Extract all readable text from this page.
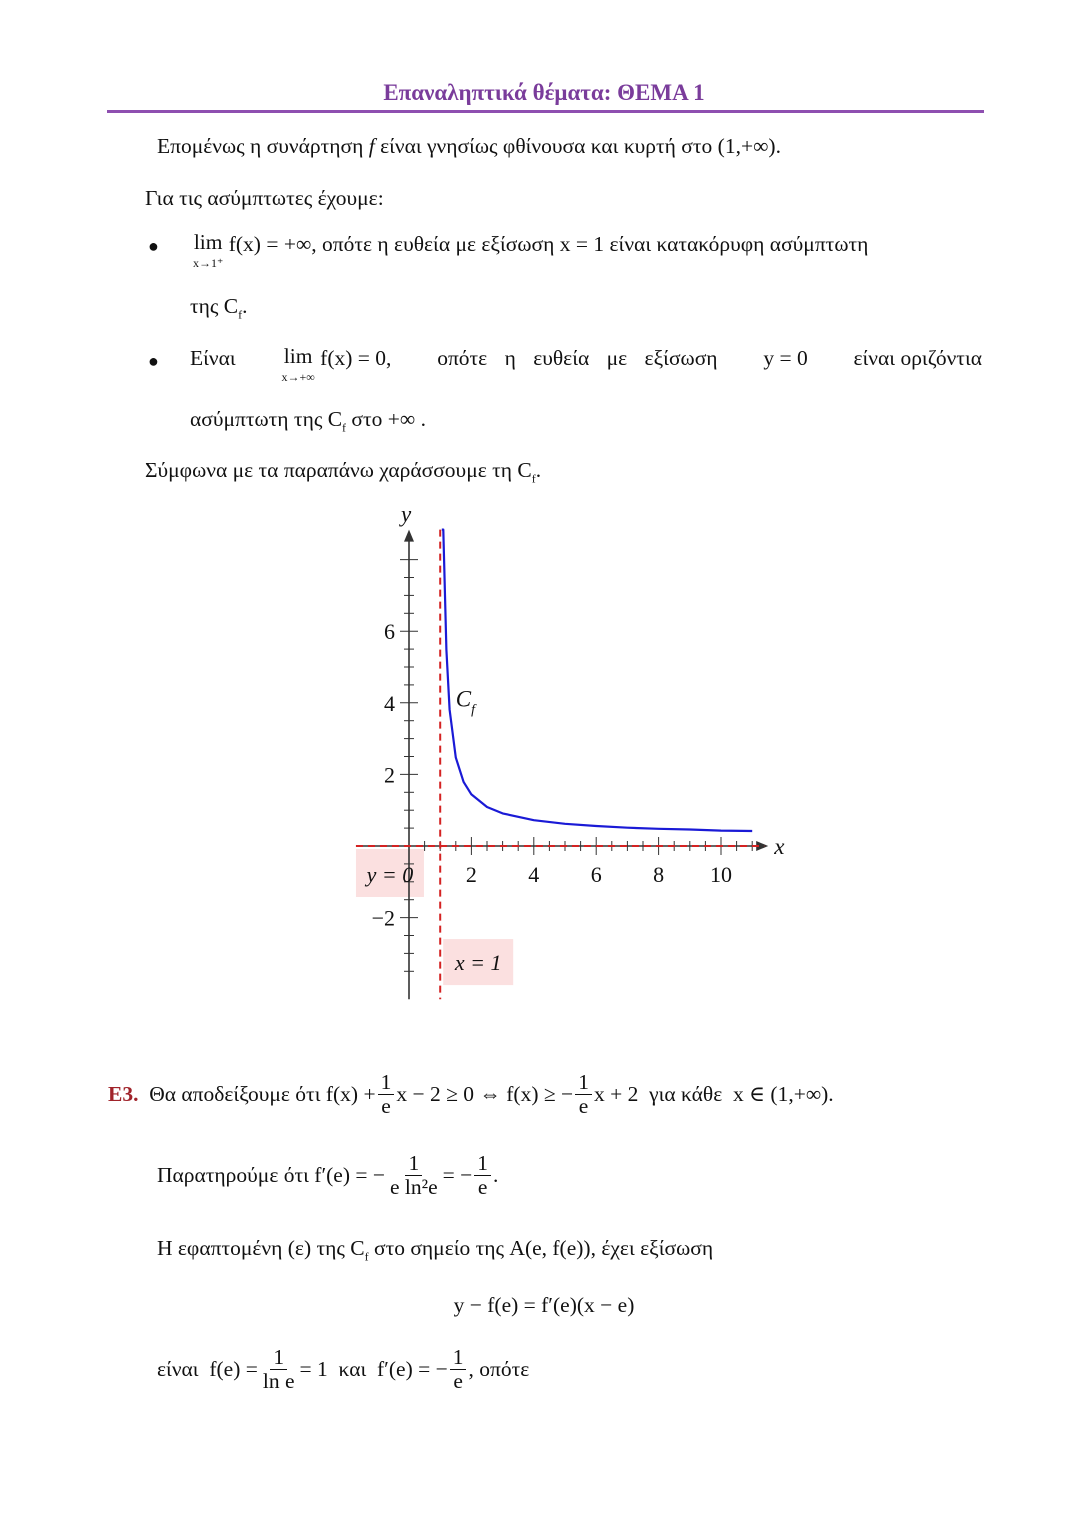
Επαναληπτικά θέματα: ΘΕΜΑ 1
Επομένως η συνάρτηση f είναι γνησίως φθίνουσα και κυρτή στο (1,+∞).
Για τις ασύμπτωτες έχουμε:
● lim
x→1⁺
f(x) = +∞, οπότε η ευθεία με εξίσωση x = 1 είναι κατακόρυφη ασύμπτωτη
της $C_f$.
● Είναι lim
x→+∞

f(x) = 0, οπότε η ευθεία με εξίσωση y = 0 είναι οριζόντια
ασύμπτωτη της $C_f$ στο +∞ .
Σύμφωνα με τα παραπάνω χαράσσουμε τη $C_f$.
2 4 6 8 10
6
4
2
−2
x
y
y = 0
x = 1
$C_f$
Ε3.
Θα αποδείξουμε ότι
$f(x) + \frac{1}{e}$ x − 2 ≥ 0 ⇔ f(x) ≥ − $\frac{1}{e}$ x + 2
για κάθε
x ∈ (1,+∞).
Παρατηρούμε ότι
f′(e) = − $\frac{1}{\text{e ln²e}}$ = − $\frac{1}{e}$ .
Η εφαπτομένη (ε) της $C_f$ στο σημείο της A(e, f(e)), έχει εξίσωση
y − f(e) = f′(e)(x − e)
είναι
$f(e) = \frac{1}{\text{ln e}} = 1$
και
f′(e) = − $\frac{1}{e}$ , οπότε
